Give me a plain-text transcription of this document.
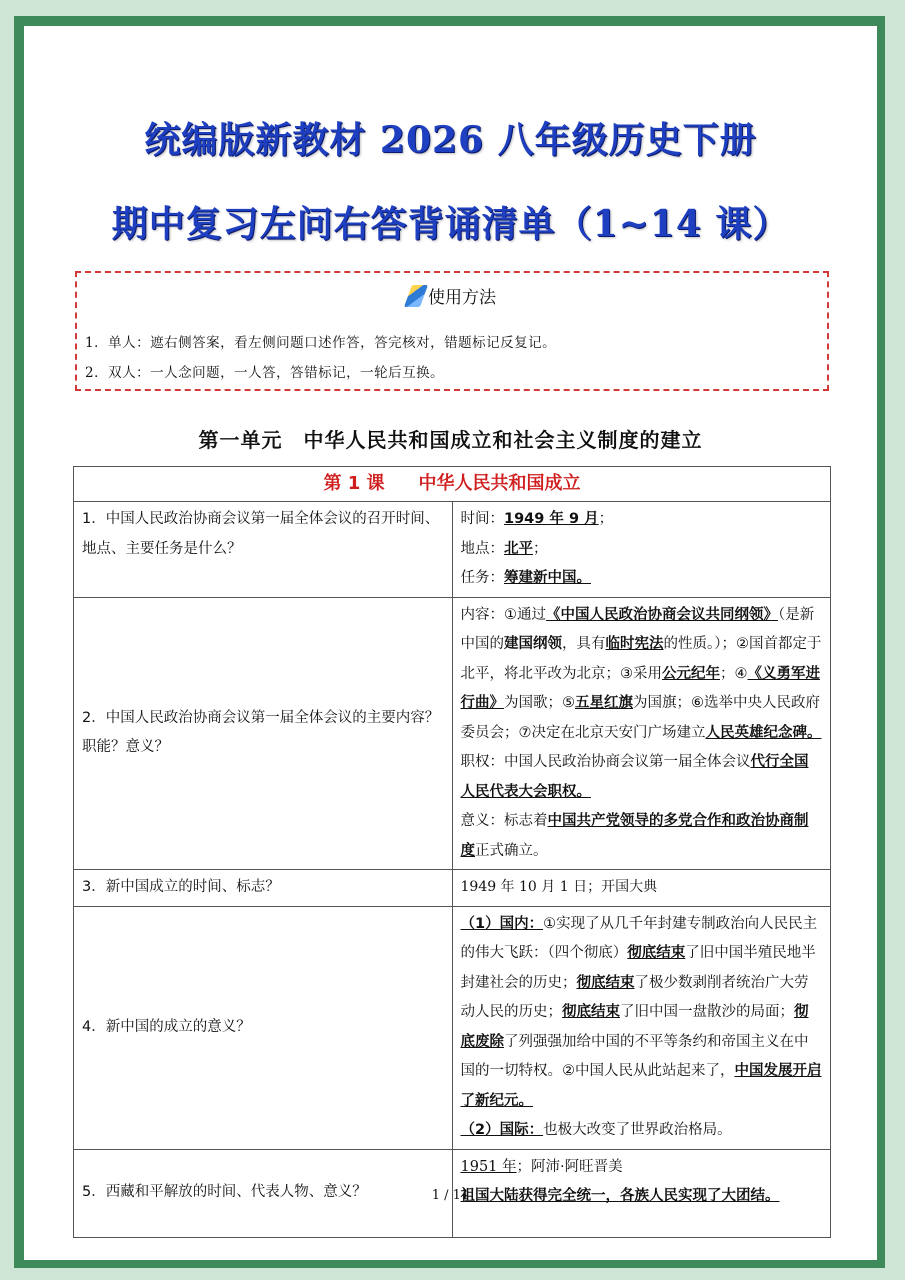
统编版新教材 2026 八年级历史下册
期中复习左问右答背诵清单（1~14 课）
使用方法
1．单人：遮右侧答案，看左侧问题口述作答，答完核对，错题标记反复记。
2．双人：一人念问题，一人答，答错标记，一轮后互换。
第一单元　中华人民共和国成立和社会主义制度的建立
第 1 课 中华人民共和国成立	
1．中国人民政治协商会议第一届全体会议的召开时间、地点、主要任务是什么？	时间：1949 年 9 月；
地点：北平；
任务：筹建新中国。

2．中国人民政治协商会议第一届全体会议的主要内容？职能？意义？	内容：①通过《中国人民政治协商会议共同纲领》（是新中国的建国纲领，具有临时宪法的性质。）；②国首都定于北平，将北平改为北京；③采用公元纪年；④《义勇军进行曲》为国歌；⑤五星红旗为国旗；⑥选举中央人民政府委员会；⑦决定在北京天安门广场建立人民英雄纪念碑。
职权：中国人民政治协商会议第一届全体会议代行全国人民代表大会职权。
意义：标志着中国共产党领导的多党合作和政治协商制度正式确立。

3．新中国成立的时间、标志？	1949 年 10 月 1 日；开国大典
4．新中国的成立的意义？	（1）国内：①实现了从几千年封建专制政治向人民民主的伟大飞跃：（四个彻底）彻底结束了旧中国半殖民地半封建社会的历史；彻底结束了极少数剥削者统治广大劳动人民的历史；彻底结束了旧中国一盘散沙的局面；彻底废除了列强强加给中国的不平等条约和帝国主义在中国的一切特权。②中国人民从此站起来了，中国发展开启了新纪元。
（2）国际：也极大改变了世界政治格局。

5．西藏和平解放的时间、代表人物、意义？	1951 年；阿沛·阿旺晋美
祖国大陆获得完全统一，各族人民实现了大团结。
1 / 11
